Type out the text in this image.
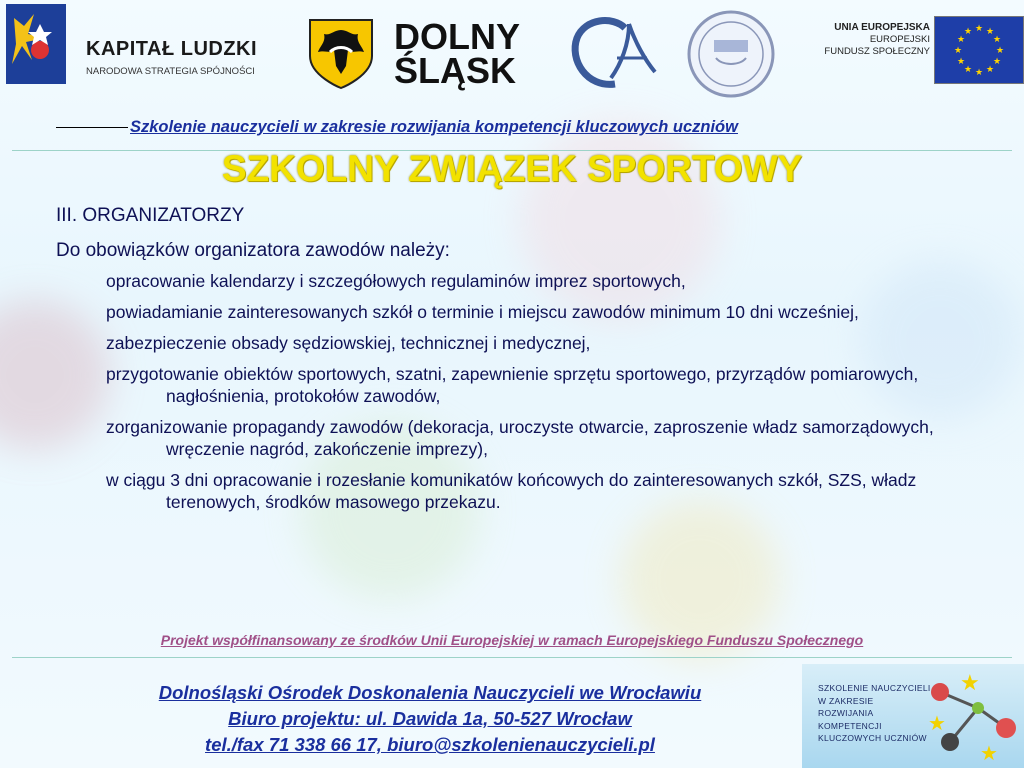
KAPITAŁ LUDZKI
NARODOWA STRATEGIA SPÓJNOŚCI
DOLNY
ŚLĄSK
UNIA EUROPEJSKA
EUROPEJSKI
FUNDUSZ SPOŁECZNY
★ ★
★
★
★
★
★
★
★
★
★
★
Szkolenie nauczycieli w zakresie rozwijania kompetencji kluczowych uczniów
SZKOLNY ZWIĄZEK SPORTOWY
III. ORGANIZATORZY
Do obowiązków organizatora zawodów należy:
opracowanie kalendarzy i szczegółowych regulaminów imprez sportowych,
powiadamianie zainteresowanych szkół o terminie i miejscu zawodów minimum 10 dni wcześniej,
zabezpieczenie obsady sędziowskiej, technicznej i medycznej,
przygotowanie obiektów sportowych, szatni, zapewnienie sprzętu sportowego, przyrządów pomiarowych, nagłośnienia, protokołów zawodów,
zorganizowanie propagandy zawodów (dekoracja, uroczyste otwarcie, zaproszenie władz samorządowych, wręczenie nagród, zakończenie imprezy),
w ciągu 3 dni opracowanie i rozesłanie komunikatów końcowych do zainteresowanych szkół, SZS, władz terenowych, środków masowego przekazu.
Projekt współfinansowany ze środków Unii Europejskiej w ramach Europejskiego Funduszu Społecznego
Dolnośląski Ośrodek Doskonalenia Nauczycieli we Wrocławiu
Biuro projektu: ul. Dawida 1a, 50-527 Wrocław
tel./fax 71 338 66 17, biuro@szkolenienauczycieli.pl
SZKOLENIE NAUCZYCIELI
W ZAKRESIE
ROZWIJANIA
KOMPETENCJI
KLUCZOWYCH UCZNIÓW
★
★
★
